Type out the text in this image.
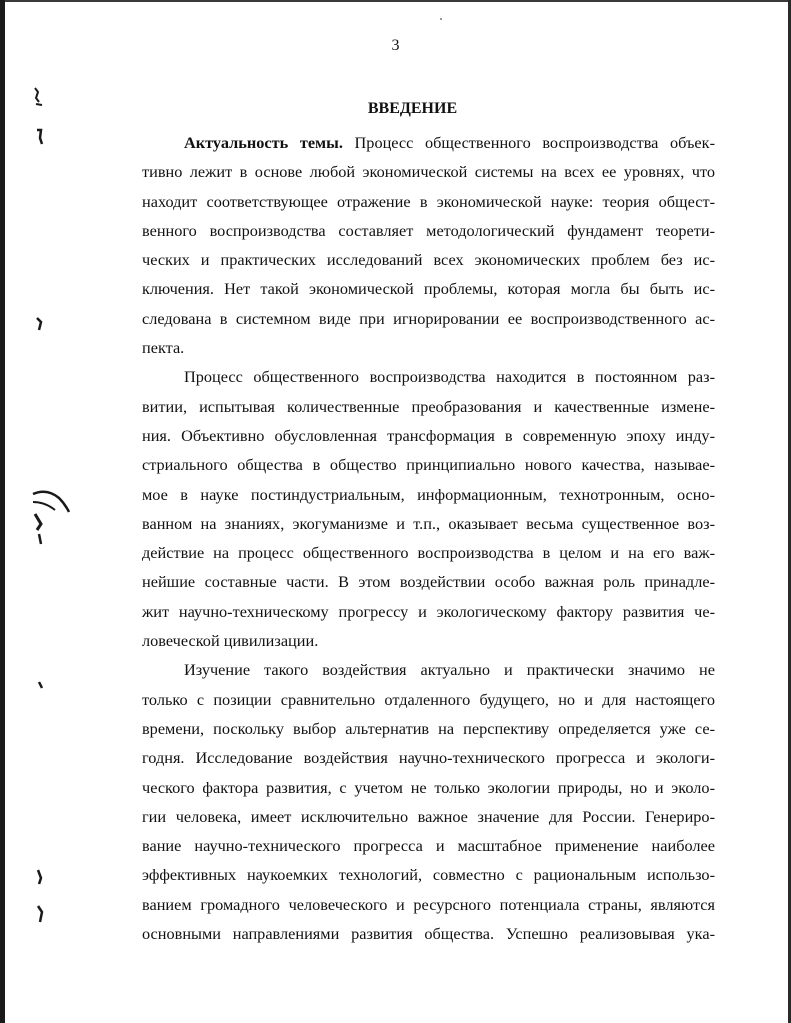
3
ВВЕДЕНИЕ
Актуальность темы. Процесс общественного воспроизводства объек-
тивно лежит в основе любой экономической системы на всех ее уровнях, что
находит соответствующее отражение в экономической науке: теория общест-
венного воспроизводства составляет методологический фундамент теорети-
ческих и практических исследований всех экономических проблем без ис-
ключения. Нет такой экономической проблемы, которая могла бы быть ис-
следована в системном виде при игнорировании ее воспроизводственного ас-
пекта.
Процесс общественного воспроизводства находится в постоянном раз-
витии, испытывая количественные преобразования и качественные измене-
ния. Объективно обусловленная трансформация в современную эпоху инду-
стриального общества в общество принципиально нового качества, называе-
мое в науке постиндустриальным, информационным, технотронным, осно-
ванном на знаниях, экогуманизме и т.п., оказывает весьма существенное воз-
действие на процесс общественного воспроизводства в целом и на его важ-
нейшие составные части. В этом воздействии особо важная роль принадле-
жит научно-техническому прогрессу и экологическому фактору развития че-
ловеческой цивилизации.
Изучение такого воздействия актуально и практически значимо не
только с позиции сравнительно отдаленного будущего, но и для настоящего
времени, поскольку выбор альтернатив на перспективу определяется уже се-
годня. Исследование воздействия научно-технического прогресса и экологи-
ческого фактора развития, с учетом не только экологии природы, но и эколо-
гии человека, имеет исключительно важное значение для России. Генериро-
вание научно-технического прогресса и масштабное применение наиболее
эффективных наукоемких технологий, совместно с рациональным использо-
ванием громадного человеческого и ресурсного потенциала страны, являются
основными направлениями развития общества. Успешно реализовывая ука-
